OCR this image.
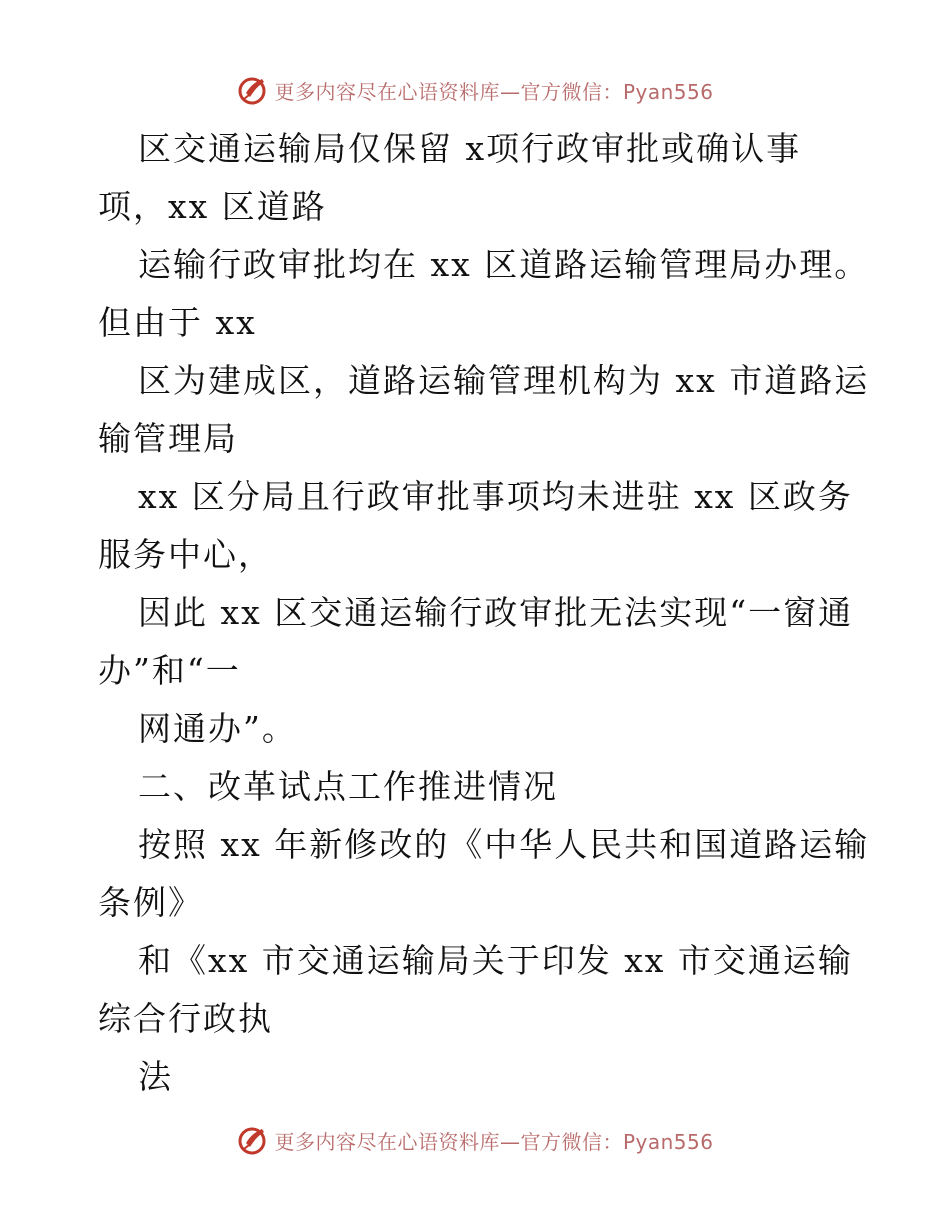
更多内容尽在心语资料库—官方微信：Pyan556
区交通运输局仅保留 x项行政审批或确认事
项，xx 区道路
运输行政审批均在 xx 区道路运输管理局办理。
但由于 xx
区为建成区，道路运输管理机构为 xx 市道路运
输管理局
xx 区分局且行政审批事项均未进驻 xx 区政务
服务中心，
因此 xx 区交通运输行政审批无法实现“一窗通
办”和“一
网通办”。
二、改革试点工作推进情况
按照 xx 年新修改的《中华人民共和国道路运输
条例》
和《xx 市交通运输局关于印发 xx 市交通运输
综合行政执
法
更多内容尽在心语资料库—官方微信：Pyan556
